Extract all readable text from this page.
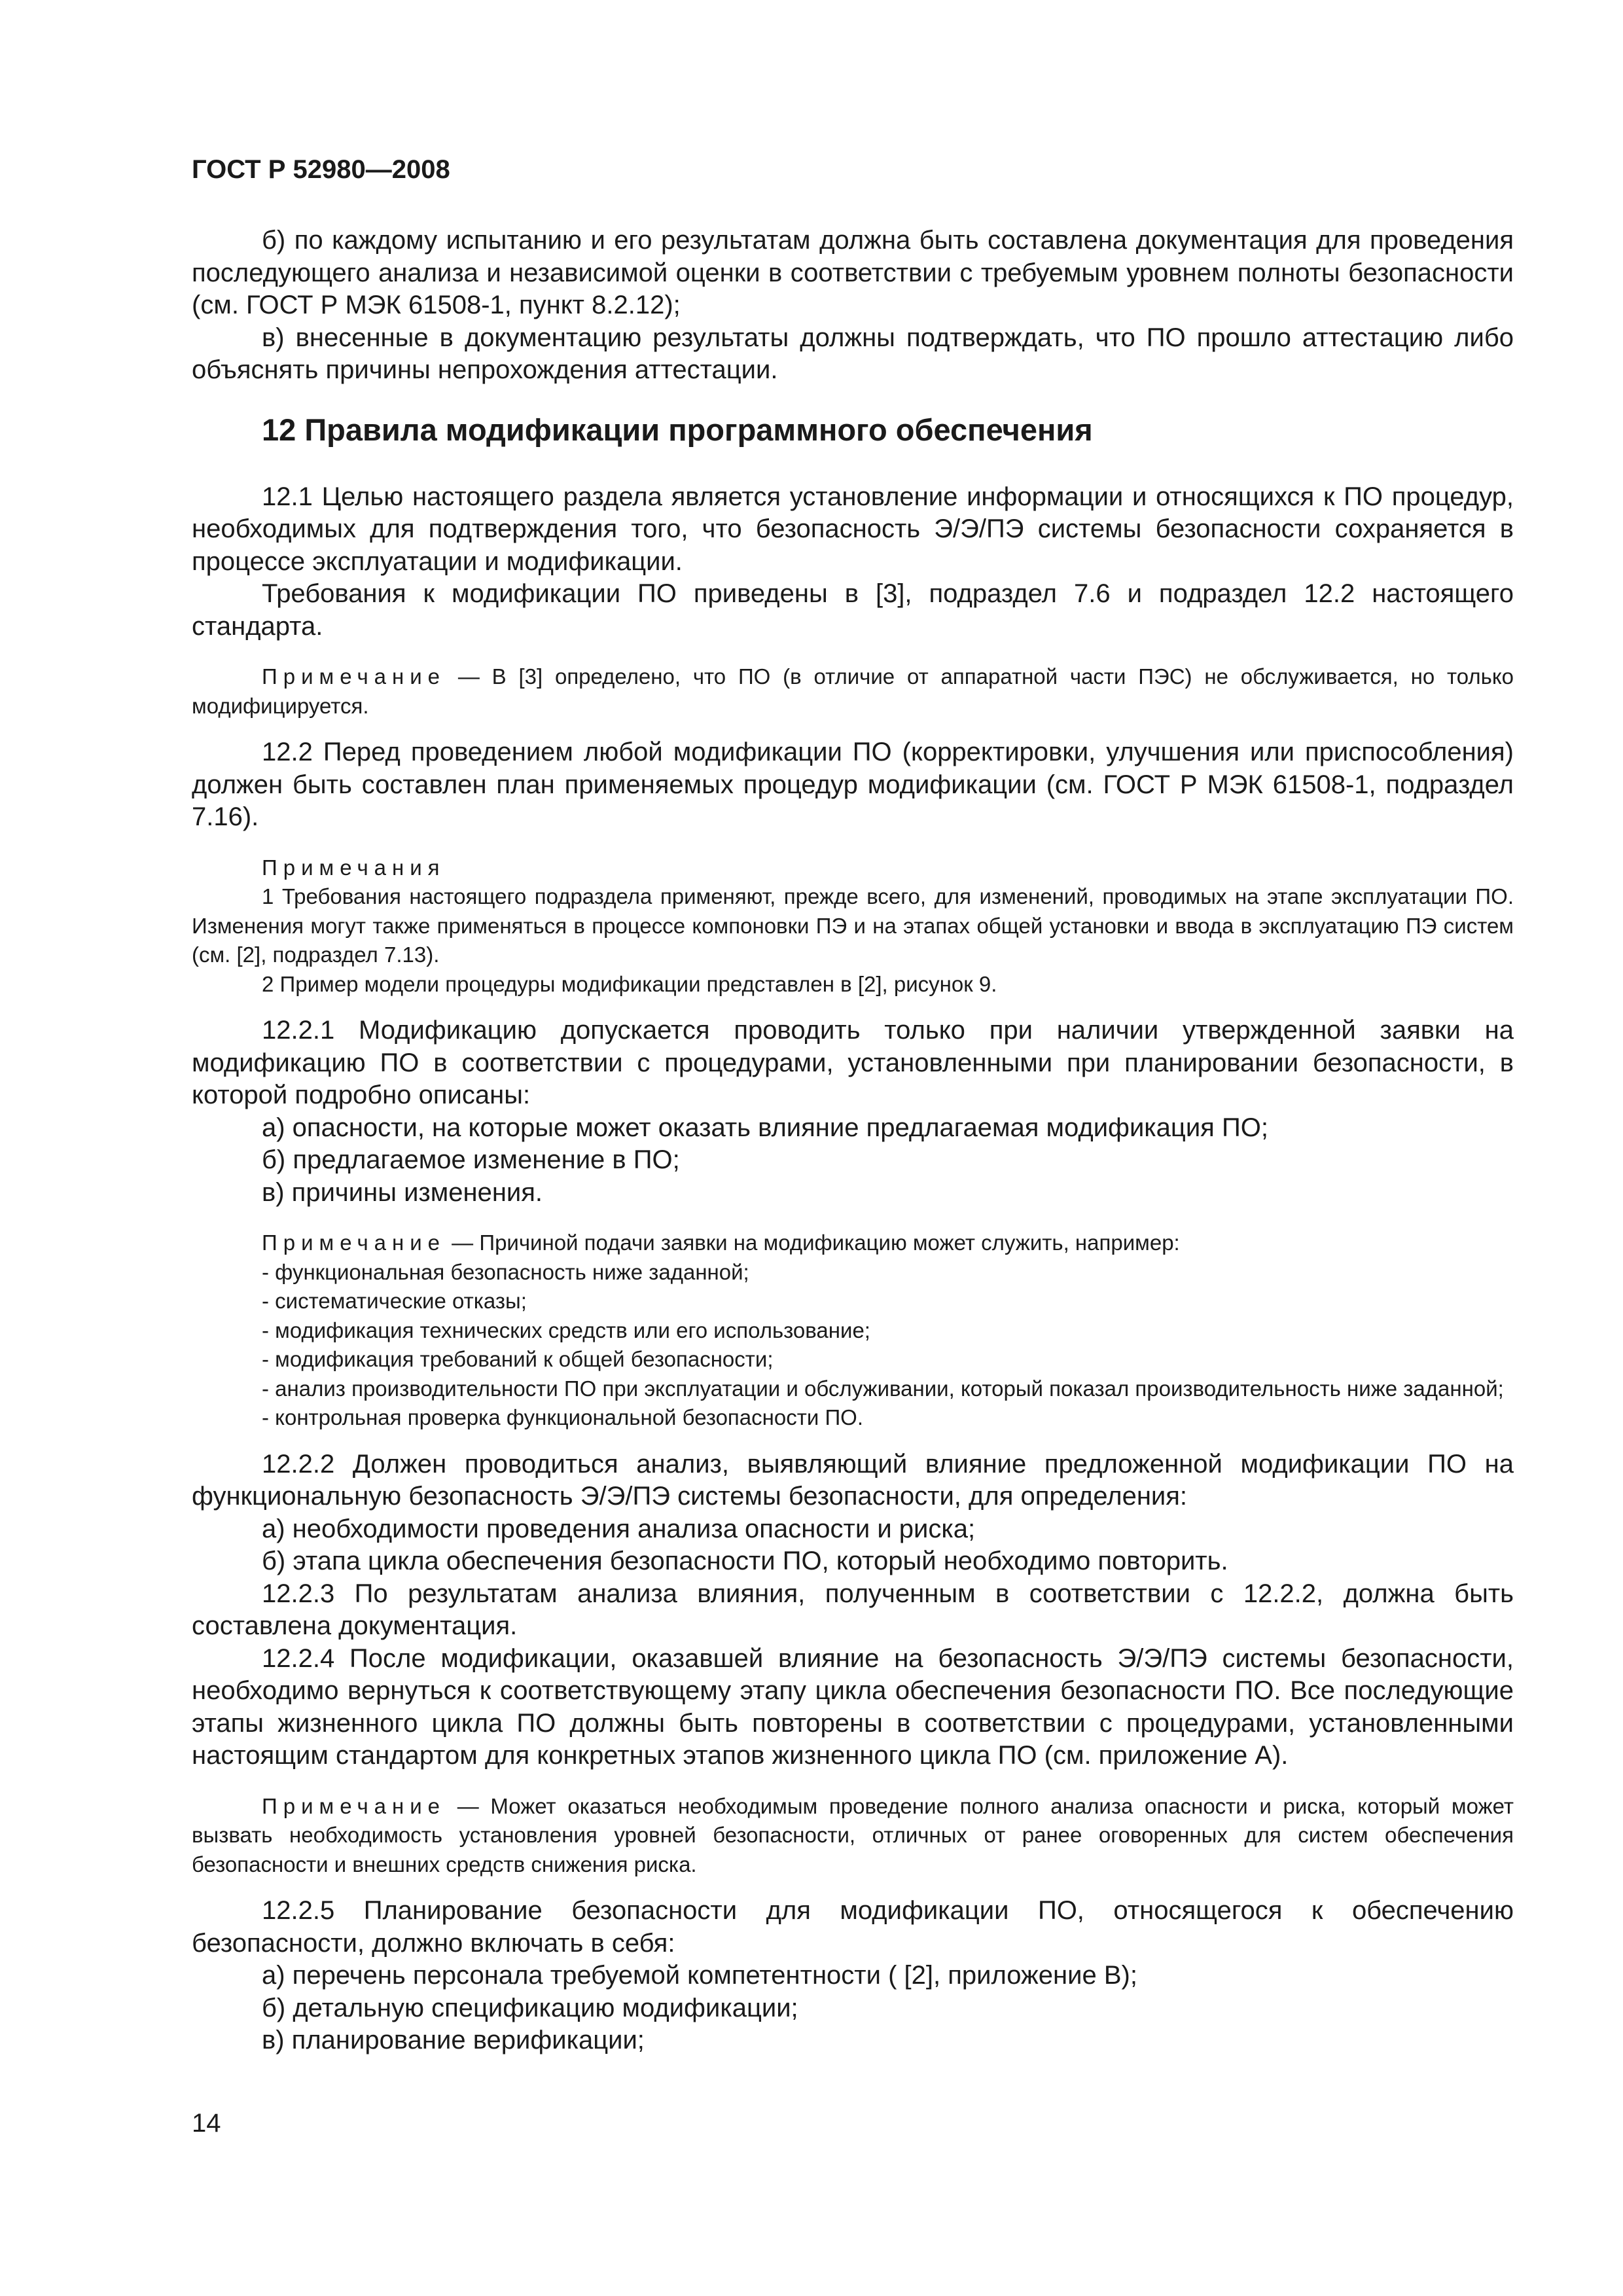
ГОСТ Р 52980—2008

б) по каждому испытанию и его результатам должна быть составлена документация для проведения последующего анализа и независимой оценки в соответствии с требуемым уровнем полноты безопасности (см. ГОСТ Р МЭК 61508-1, пункт 8.2.12);

в) внесенные в документацию результаты должны подтверждать, что ПО прошло аттестацию либо объяснять причины непрохождения аттестации.

12 Правила модификации программного обеспечения

12.1 Целью настоящего раздела является установление информации и относящихся к ПО процедур, необходимых для подтверждения того, что безопасность Э/Э/ПЭ системы безопасности сохраняется в процессе эксплуатации и модификации.

Требования к модификации ПО приведены в [3], подраздел 7.6 и подраздел 12.2 настоящего стандарта.

Примечание — В [3] определено, что ПО (в отличие от аппаратной части ПЭС) не обслуживается, но только модифицируется.

12.2 Перед проведением любой модификации ПО (корректировки, улучшения или приспособления) должен быть составлен план применяемых процедур модификации (см. ГОСТ Р МЭК 61508-1, подраздел 7.16).

Примечания

1 Требования настоящего подраздела применяют, прежде всего, для изменений, проводимых на этапе эксплуатации ПО. Изменения могут также применяться в процессе компоновки ПЭ и на этапах общей установки и ввода в эксплуатацию ПЭ систем (см. [2], подраздел 7.13).

2 Пример модели процедуры модификации представлен в [2], рисунок 9.

12.2.1 Модификацию допускается проводить только при наличии утвержденной заявки на модификацию ПО в соответствии с процедурами, установленными при планировании безопасности, в которой подробно описаны:

а) опасности, на которые может оказать влияние предлагаемая модификация ПО;

б) предлагаемое изменение в ПО;

в) причины изменения.

Примечание — Причиной подачи заявки на модификацию может служить, например:

- функциональная безопасность ниже заданной;

- систематические отказы;

- модификация технических средств или его использование;

- модификация требований к общей безопасности;

- анализ производительности ПО при эксплуатации и обслуживании, который показал производительность ниже заданной;

- контрольная проверка функциональной безопасности ПО.

12.2.2 Должен проводиться анализ, выявляющий влияние предложенной модификации ПО на функциональную безопасность Э/Э/ПЭ системы безопасности, для определения:

а) необходимости проведения анализа опасности и риска;

б) этапа цикла обеспечения безопасности ПО, который необходимо повторить.

12.2.3 По результатам анализа влияния, полученным в соответствии с 12.2.2, должна быть составлена документация.

12.2.4 После модификации, оказавшей влияние на безопасность Э/Э/ПЭ системы безопасности, необходимо вернуться к соответствующему этапу цикла обеспечения безопасности ПО. Все последующие этапы жизненного цикла ПО должны быть повторены в соответствии с процедурами, установленными настоящим стандартом для конкретных этапов жизненного цикла ПО (см. приложение А).

Примечание — Может оказаться необходимым проведение полного анализа опасности и риска, который может вызвать необходимость установления уровней безопасности, отличных от ранее оговоренных для систем обеспечения безопасности и внешних средств снижения риска.

12.2.5 Планирование безопасности для модификации ПО, относящегося к обеспечению безопасности, должно включать в себя:

а) перечень персонала требуемой компетентности ( [2], приложение В);

б) детальную спецификацию модификации;

в) планирование верификации;

14
